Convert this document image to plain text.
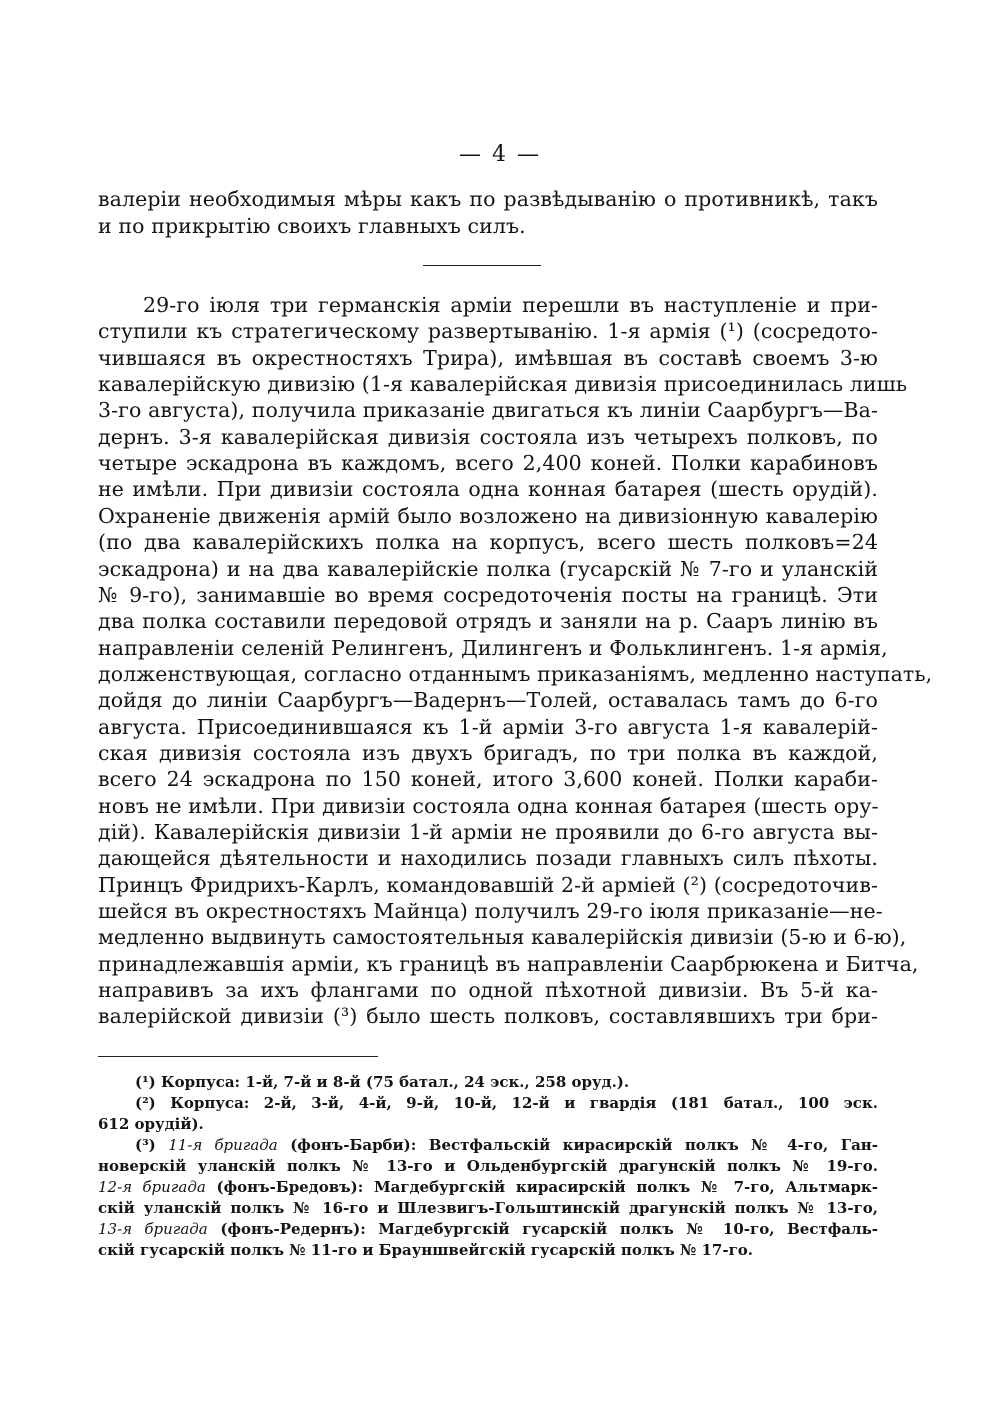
— 4 —
валеріи необходимыя мѣры какъ по развѣдыванію о противникѣ, такъ
и по прикрытію своихъ главныхъ силъ.
29-го іюля три германскія арміи перешли въ наступленіе и при-
ступили къ стратегическому развертыванію. 1-я армія (¹) (сосредото-
чившаяся въ окрестностяхъ Трира), имѣвшая въ составѣ своемъ 3-ю
кавалерійскую дивизію (1-я кавалерійская дивизія присоединилась лишь
3-го августа), получила приказаніе двигаться къ линіи Саарбургъ—Ва-
дернъ. 3-я кавалерійская дивизія состояла изъ четырехъ полковъ, по
четыре эскадрона въ каждомъ, всего 2,400 коней. Полки карабиновъ
не имѣли. При дивизіи состояла одна конная батарея (шесть орудій).
Охраненіе движенія армій было возложено на дивизіонную кавалерію
(по два кавалерійскихъ полка на корпусъ, всего шесть полковъ=24
эскадрона) и на два кавалерійскіе полка (гусарскій № 7-го и уланскій
№ 9-го), занимавшіе во время сосредоточенія посты на границѣ. Эти
два полка составили передовой отрядъ и заняли на р. Сааръ линію въ
направленіи селеній Релингенъ, Дилингенъ и Фольклингенъ. 1-я армія,
долженствующая, согласно отданнымъ приказаніямъ, медленно наступать,
дойдя до линіи Саарбургъ—Вадернъ—Толей, оставалась тамъ до 6-го
августа. Присоединившаяся къ 1-й арміи 3-го августа 1-я кавалерій-
ская дивизія состояла изъ двухъ бригадъ, по три полка въ каждой,
всего 24 эскадрона по 150 коней, итого 3,600 коней. Полки караби-
новъ не имѣли. При дивизіи состояла одна конная батарея (шесть ору-
дій). Кавалерійскія дивизіи 1-й арміи не проявили до 6-го августа вы-
дающейся дѣятельности и находились позади главныхъ силъ пѣхоты.
Принцъ Фридрихъ-Карлъ, командовавшій 2-й арміей (²) (сосредоточив-
шейся въ окрестностяхъ Майнца) получилъ 29-го іюля приказаніе—не-
медленно выдвинуть самостоятельныя кавалерійскія дивизіи (5-ю и 6-ю),
принадлежавшія арміи, къ границѣ въ направленіи Саарбрюкена и Битча,
направивъ за ихъ флангами по одной пѣхотной дивизіи. Въ 5-й ка-
валерійской дивизіи (³) было шесть полковъ, составлявшихъ три бри-
(¹) Корпуса: 1-й, 7-й и 8-й (75 батал., 24 эск., 258 оруд.).
(²) Корпуса: 2-й, 3-й, 4-й, 9-й, 10-й, 12-й и гвардія (181 батал., 100 эск.
612 орудій).
(³) 11-я бригада (фонъ-Барби): Вестфальскій кирасирскій полкъ № 4-го, Ган-
новерскій уланскій полкъ № 13-го и Ольденбургскій драгунскій полкъ № 19-го.
12-я бригада (фонъ-Бредовъ): Магдебургскій кирасирскій полкъ № 7-го, Альтмарк-
скій уланскій полкъ № 16-го и Шлезвигъ-Гольштинскій драгунскій полкъ № 13-го,
13-я бригада (фонъ-Редернъ): Магдебургскій гусарскій полкъ № 10-го, Вестфаль-
скій гусарскій полкъ № 11-го и Брауншвейгскій гусарскій полкъ № 17-го.
